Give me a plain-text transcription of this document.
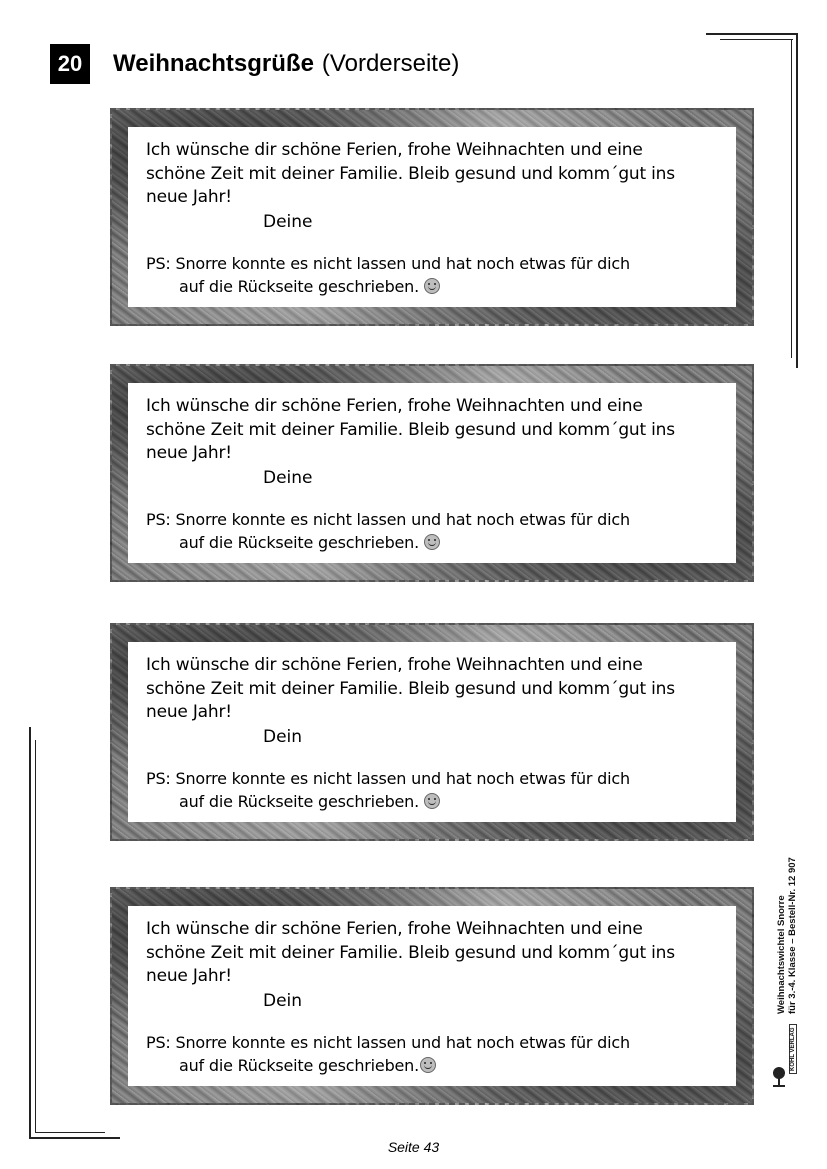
20	Weihnachtsgrüße (Vorderseite)
Ich wünsche dir schöne Ferien, frohe Weihnachten und eine
schöne Zeit mit deiner Familie. Bleib gesund und komm´gut ins
neue Jahr!
Deine
PS: Snorre konnte es nicht lassen und hat noch etwas für dich
auf die Rückseite geschrieben.
Ich wünsche dir schöne Ferien, frohe Weihnachten und eine
schöne Zeit mit deiner Familie. Bleib gesund und komm´gut ins
neue Jahr!
Deine
PS: Snorre konnte es nicht lassen und hat noch etwas für dich
auf die Rückseite geschrieben.
Ich wünsche dir schöne Ferien, frohe Weihnachten und eine
schöne Zeit mit deiner Familie. Bleib gesund und komm´gut ins
neue Jahr!
Dein
PS: Snorre konnte es nicht lassen und hat noch etwas für dich
auf die Rückseite geschrieben.
Ich wünsche dir schöne Ferien, frohe Weihnachten und eine
schöne Zeit mit deiner Familie. Bleib gesund und komm´gut ins
neue Jahr!
Dein
PS: Snorre konnte es nicht lassen und hat noch etwas für dich
auf die Rückseite geschrieben.
Weihnachtswichtel Snorre für 3.-4. Klasse – Bestell-Nr. 12 907
KOHL VERLAG
Seite 43
